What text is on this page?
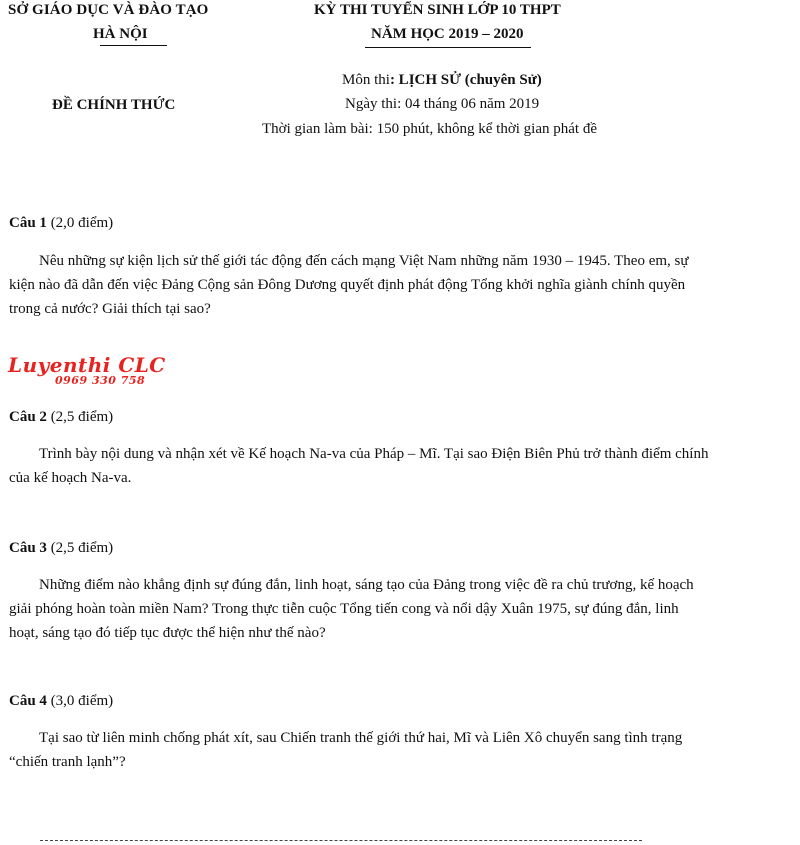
SỞ GIÁO DỤC VÀ ĐÀO TẠO
HÀ NỘI
KỲ THI TUYỂN SINH LỚP 10 THPT
NĂM HỌC 2019 – 2020
ĐỀ CHÍNH THỨC
Môn thi: LỊCH SỬ (chuyên Sử)
Ngày thi: 04 tháng 06 năm 2019
Thời gian làm bài: 150 phút, không kể thời gian phát đề
Câu 1 (2,0 điểm)

Nêu những sự kiện lịch sử thế giới tác động đến cách mạng Việt Nam những năm 1930 – 1945. Theo em, sự kiện nào đã dẫn đến việc Đảng Cộng sản Đông Dương quyết định phát động Tổng khởi nghĩa giành chính quyền trong cả nước? Giải thích tại sao?

Luyenthi CLC
0969 330 758
Câu 2 (2,5 điểm)

Trình bày nội dung và nhận xét về Kế hoạch Na-va của Pháp – Mĩ. Tại sao Điện Biên Phủ trở thành điểm chính của kế hoạch Na-va.

Câu 3 (2,5 điểm)

Những điểm nào khẳng định sự đúng đắn, linh hoạt, sáng tạo của Đảng trong việc đề ra chủ trương, kế hoạch giải phóng hoàn toàn miền Nam? Trong thực tiễn cuộc Tổng tiến cong và nổi dậy Xuân 1975, sự đúng đắn, linh hoạt, sáng tạo đó tiếp tục được thể hiện như thế nào?

Câu 4 (3,0 điểm)

Tại sao từ liên minh chống phát xít, sau Chiến tranh thế giới thứ hai, Mĩ và Liên Xô chuyển sang tình trạng “chiến tranh lạnh”?
